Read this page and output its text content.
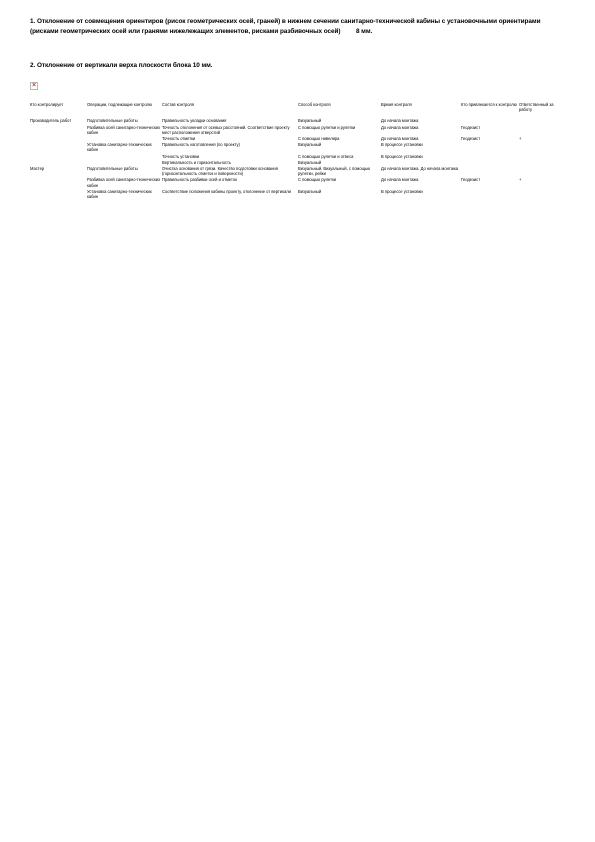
1. Отклонение от совмещения ориентиров (рисок геометрических осей, граней) в нижнем сечении санитарно-технической кабины с установочными ориентирами (рисками геометрических осей или гранями нижележащих элементов, рисками разбивочных осей) 8 мм.
2. Отклонение от вертикали верха плоскости блока 10 мм.
×
Кто контролирует	Операции, подлежащие контролю	Состав контроля	Способ контроля	Время контроля	Кто привлекается к контролю	Ответственный за работу
Производитель работ	Подготовительные работы	Правильность укладки основания	Визуальный	До начала монтажа		
	Разбивка осей санитарно-технических кабин	Точность отклонения от осевых расстояний. Соответствие проекту мест расположения отверстий	С помощью рулетки и рулетки	До начала монтажа	Геодезист	
		Точность отметки	С помощью нивелира	До начала монтажа	Геодезист	+
	Установка санитарно-технических кабин	Правильность изготовления (по проекту)	Визуальный	В процессе установки		
		Точность установки	С помощью рулетки и отвеса	В процессе установки		
		Вертикальность и горизонтальность	Визуальный			
Мастер	Подготовительные работы	Очистка основания от грязи. Качество подготовки основания (горизонтальность отметок и поверхности)	Визуальный. Визуальный, с помощью рулетки, рейки	До начала монтажа. До начала монтажа		
	Разбивка осей санитарно-технических кабин	Правильность разбивки осей и отметок	С помощью рулетки	До начала монтажа	Геодезист	+
	Установка санитарно-технических кабин	Соответствие положения кабины проекту, отклонение от вертикали	Визуальный	В процессе установки		
